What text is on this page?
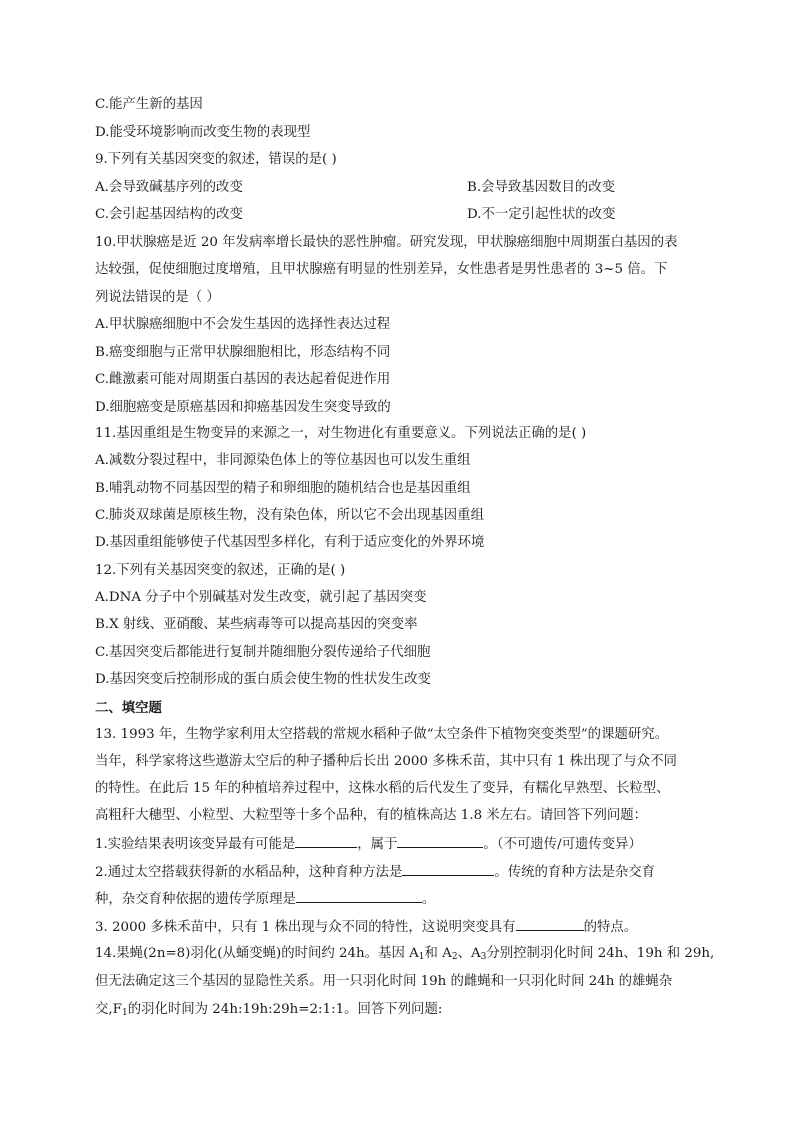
C.能产生新的基因
D.能受环境影响而改变生物的表现型
9.下列有关基因突变的叙述，错误的是( )
A.会导致碱基序列的改变	B.会导致基因数目的改变
C.会引起基因结构的改变	D.不一定引起性状的改变
10.甲状腺癌是近 20 年发病率增长最快的恶性肿瘤。研究发现，甲状腺癌细胞中周期蛋白基因的表
达较强，促使细胞过度增殖，且甲状腺癌有明显的性别差异，女性患者是男性患者的 3~5 倍。下
列说法错误的是（ ）
A.甲状腺癌细胞中不会发生基因的选择性表达过程
B.癌变细胞与正常甲状腺细胞相比，形态结构不同
C.雌激素可能对周期蛋白基因的表达起着促进作用
D.细胞癌变是原癌基因和抑癌基因发生突变导致的
11.基因重组是生物变异的来源之一，对生物进化有重要意义。下列说法正确的是( )
A.减数分裂过程中，非同源染色体上的等位基因也可以发生重组
B.哺乳动物不同基因型的精子和卵细胞的随机结合也是基因重组
C.肺炎双球菌是原核生物，没有染色体，所以它不会出现基因重组
D.基因重组能够使子代基因型多样化，有利于适应变化的外界环境
12.下列有关基因突变的叙述，正确的是( )
A.DNA 分子中个别碱基对发生改变，就引起了基因突变
B.X 射线、亚硝酸、某些病毒等可以提高基因的突变率
C.基因突变后都能进行复制并随细胞分裂传递给子代细胞
D.基因突变后控制形成的蛋白质会使生物的性状发生改变
二、填空题
13. 1993 年，生物学家利用太空搭载的常规水稻种子做“太空条件下植物突变类型”的课题研究。
当年，科学家将这些遨游太空后的种子播种后长出 2000 多株禾苗，其中只有 1 株出现了与众不同
的特性。在此后 15 年的种植培养过程中，这株水稻的后代发生了变异，有糯化早熟型、长粒型、
高粗秆大穗型、小粒型、大粒型等十多个品种，有的植株高达 1.8 米左右。请回答下列问题：
1.实验结果表明该变异最有可能是	，属于	。（不可遗传/可遗传变异）
2.通过太空搭载获得新的水稻品种，这种育种方法是	。传统的育种方法是杂交育
种，杂交育种依据的遗传学原理是	。
3. 2000 多株禾苗中，只有 1 株出现与众不同的特性，这说明突变具有	的特点。
14.果蝇(2n=8)羽化(从蛹变蝇)的时间约 24h。基因 $A_1$和 $A_2$、$A_3$分别控制羽化时间 24h、19h 和 29h,
但无法确定这三个基因的显隐性关系。用一只羽化时间 19h 的雌蝇和一只羽化时间 24h 的雄蝇杂
交$,F_1$的羽化时间为 24h:19h:29h=2:1:1。回答下列问题:
